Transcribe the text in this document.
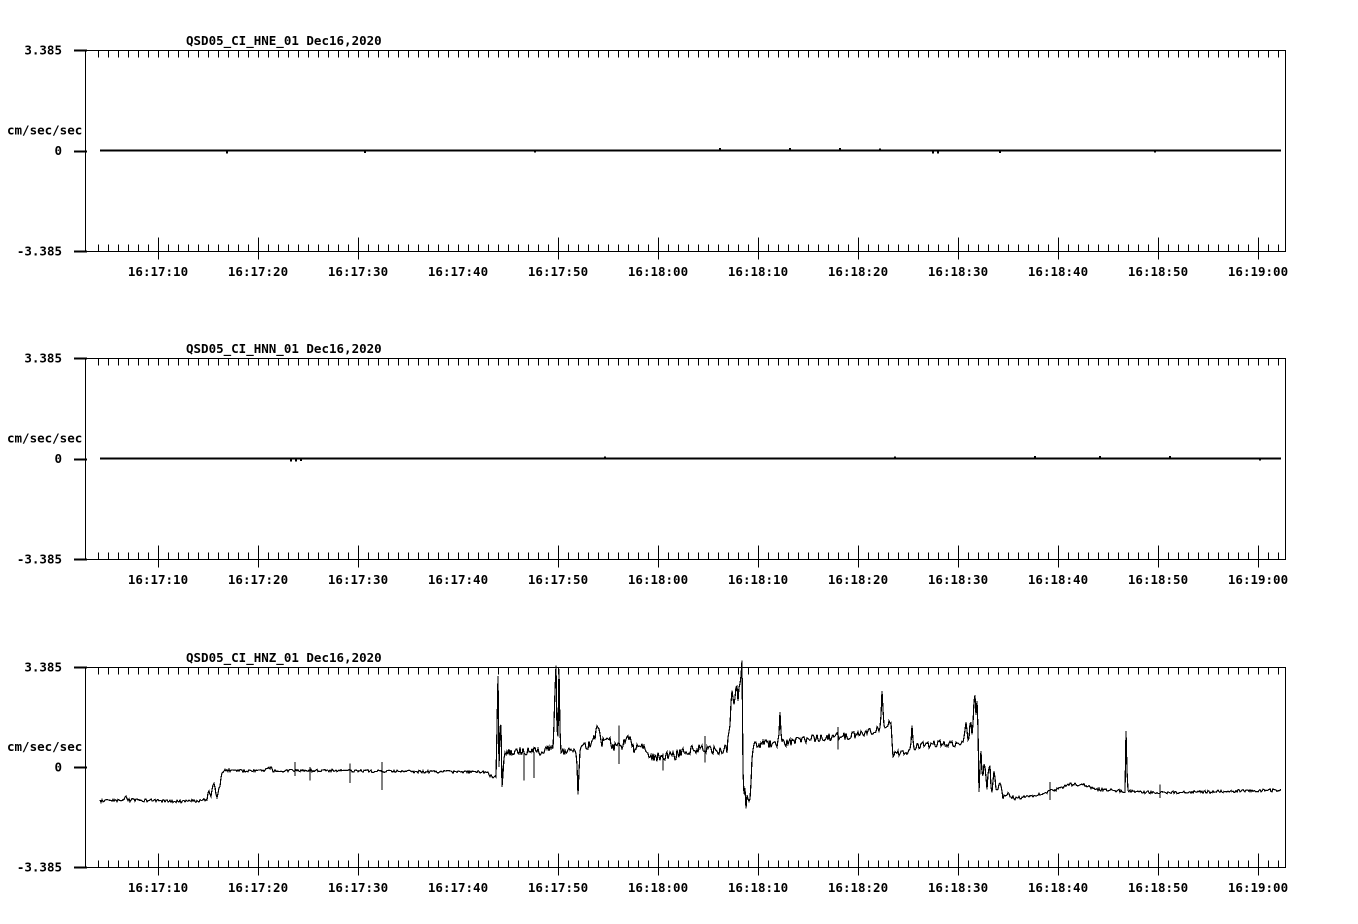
QSD05_CI_HNE_01 Dec16,2020
3.385
0
-3.385
cm/sec/sec
16:17:10	16:17:20	16:17:30	16:17:40	16:17:50	16:18:00	16:18:10	16:18:20	16:18:30	16:18:40	16:18:50	16:19:00
QSD05_CI_HNN_01 Dec16,2020
3.385
0
-3.385
cm/sec/sec
16:17:10	16:17:20	16:17:30	16:17:40	16:17:50	16:18:00	16:18:10	16:18:20	16:18:30	16:18:40	16:18:50	16:19:00
QSD05_CI_HNZ_01 Dec16,2020
3.385
0
-3.385
cm/sec/sec
16:17:10	16:17:20	16:17:30	16:17:40	16:17:50	16:18:00	16:18:10	16:18:20	16:18:30	16:18:40	16:18:50	16:19:00
